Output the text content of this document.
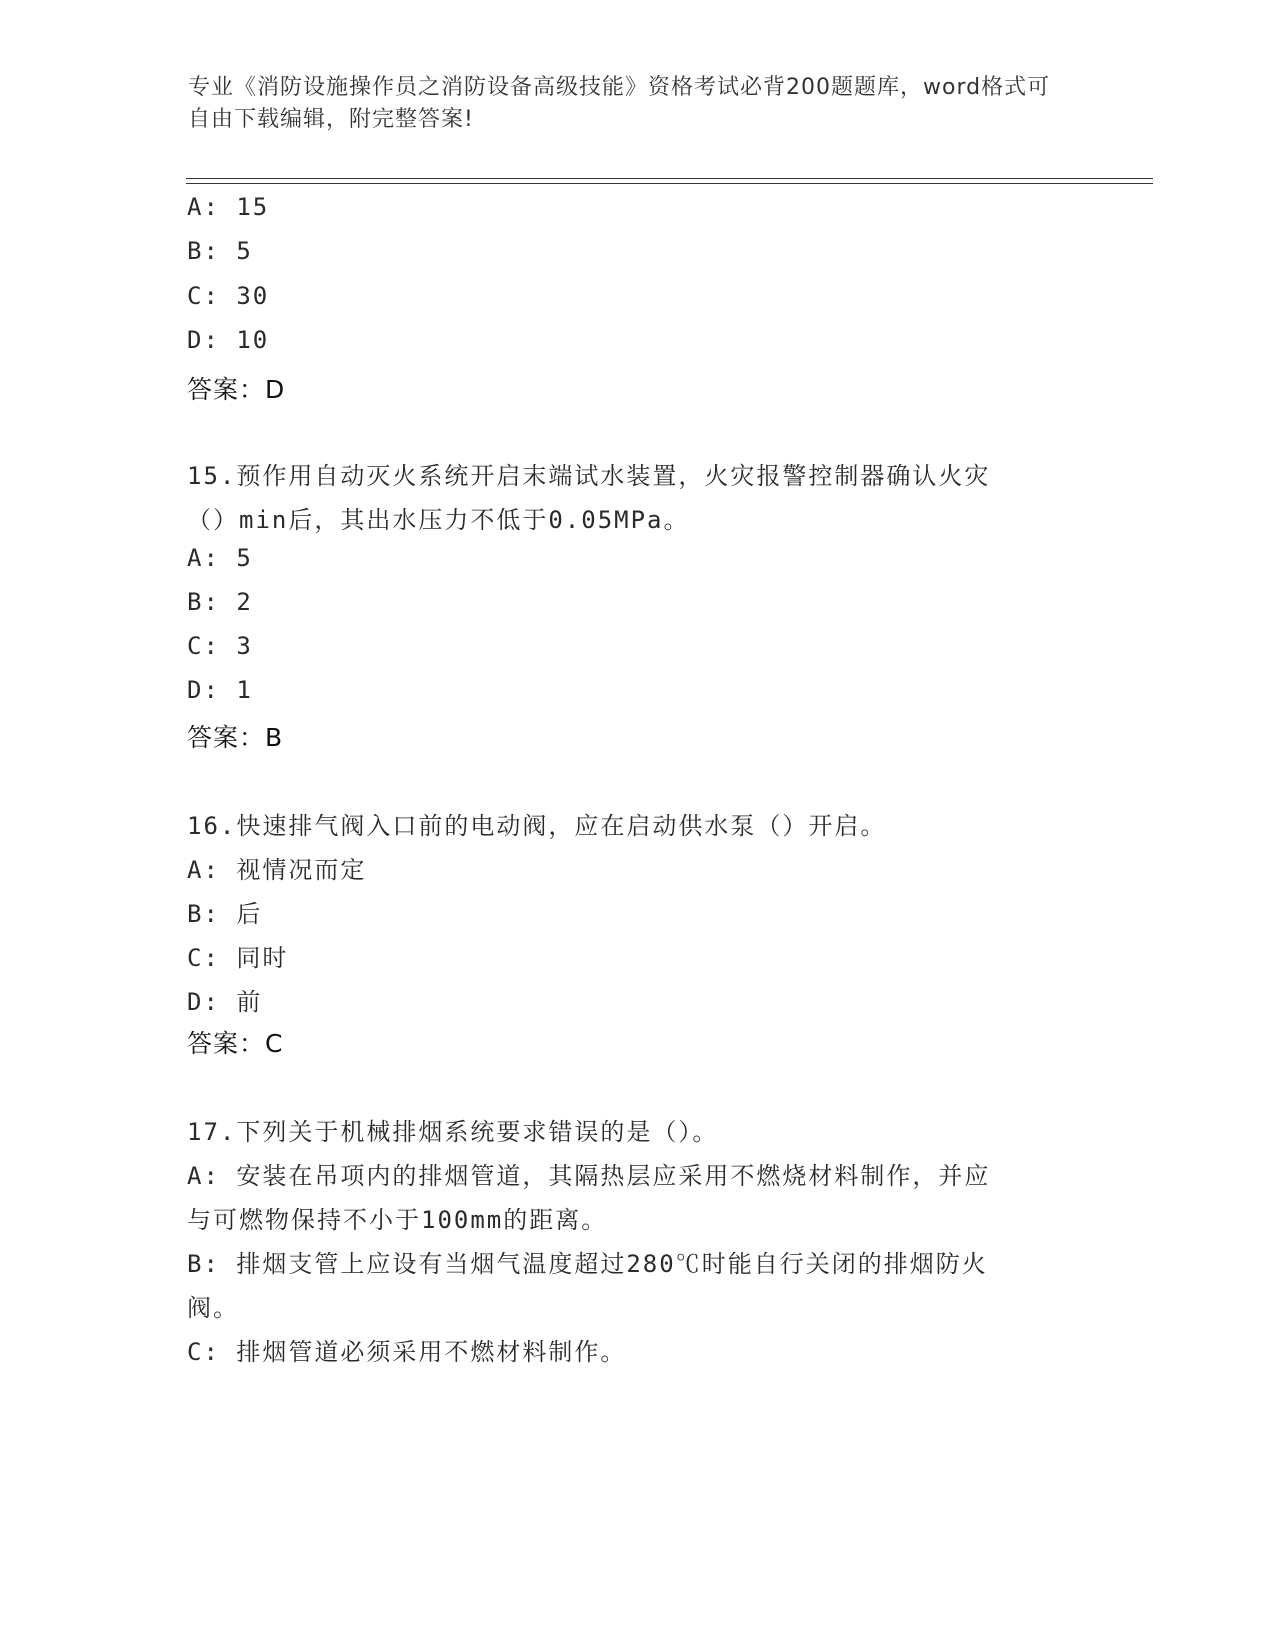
专业《消防设施操作员之消防设备高级技能》资格考试必背200题题库，word格式可自由下载编辑，附完整答案!
A: 15
B: 5
C: 30
D: 10
答案：D
15.预作用自动灭火系统开启末端试水装置，火灾报警控制器确认火灾
（）min后，其出水压力不低于0.05MPa。
A: 5
B: 2
C: 3
D: 1
答案：B
16.快速排气阀入口前的电动阀，应在启动供水泵（）开启。
A: 视情况而定
B: 后
C: 同时
D: 前
答案：C
17.下列关于机械排烟系统要求错误的是（）。
A: 安装在吊项内的排烟管道，其隔热层应采用不燃烧材料制作，并应
与可燃物保持不小于100mm的距离。
B: 排烟支管上应设有当烟气温度超过280℃时能自行关闭的排烟防火
阀。
C: 排烟管道必须采用不燃材料制作。
